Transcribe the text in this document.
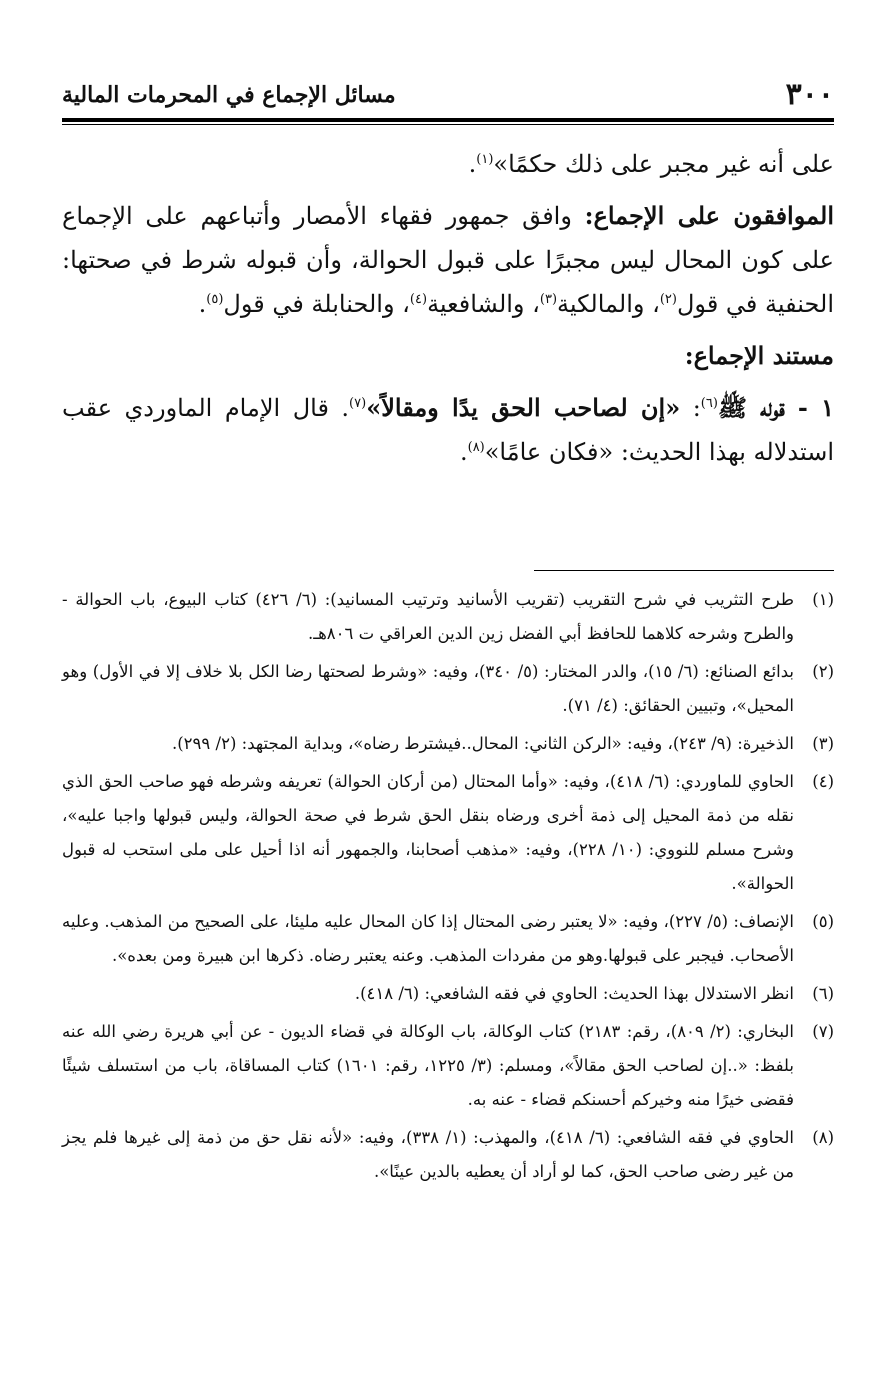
٣٠٠
مسائل الإجماع في المحرمات المالية

على أنه غير مجبر على ذلك حكمًا»$^{(١)}$.

الموافقون على الإجماع: وافق جمهور فقهاء الأمصار وأتباعهم على الإجماع على كون المحال ليس مجبرًا على قبول الحوالة، وأن قبوله شرط في صحتها: الحنفية في قول$^{(٢)}$، والمالكية$^{(٣)}$، والشافعية$^{(٤)}$، والحنابلة في قول$^{(٥)}$.

مستند الإجماع:

١ - قوله ﷺ$^{(٦)}$: «إن لصاحب الحق يدًا ومقالاً»$^{(٧)}$. قال الإمام الماوردي عقب استدلاله بهذا الحديث: «فكان عامًا»$^{(٨)}$.

(١)
طرح التثريب في شرح التقريب (تقريب الأسانيد وترتيب المسانيد): (٦/ ٤٢٦) كتاب البيوع، باب الحوالة - والطرح وشرحه كلاهما للحافظ أبي الفضل زين الدين العراقي ت ٨٠٦هـ.
(٢)
بدائع الصنائع: (٦/ ١٥)، والدر المختار: (٥/ ٣٤٠)، وفيه: «وشرط لصحتها رضا الكل بلا خلاف إلا في الأول) وهو المحيل»، وتبيين الحقائق: (٤/ ٧١).
(٣)
الذخيرة: (٩/ ٢٤٣)، وفيه: «الركن الثاني: المحال..فيشترط رضاه»، وبداية المجتهد: (٢/ ٢٩٩).
(٤)
الحاوي للماوردي: (٦/ ٤١٨)، وفيه: «وأما المحتال (من أركان الحوالة) تعريفه وشرطه فهو صاحب الحق الذي نقله من ذمة المحيل إلى ذمة أخرى ورضاه بنقل الحق شرط في صحة الحوالة، وليس قبولها واجبا عليه»، وشرح مسلم للنووي: (١٠/ ٢٢٨)، وفيه: «مذهب أصحابنا، والجمهور أنه اذا أحيل على ملى استحب له قبول الحوالة».
(٥)
الإنصاف: (٥/ ٢٢٧)، وفيه: «لا يعتبر رضى المحتال إذا كان المحال عليه مليئا، على الصحيح من المذهب. وعليه الأصحاب. فيجبر على قبولها.وهو من مفردات المذهب. وعنه يعتبر رضاه. ذكرها ابن هبيرة ومن بعده».
(٦)
انظر الاستدلال بهذا الحديث: الحاوي في فقه الشافعي: (٦/ ٤١٨).
(٧)
البخاري: (٢/ ٨٠٩)، رقم: ٢١٨٣) كتاب الوكالة، باب الوكالة في قضاء الديون - عن أبي هريرة رضي الله عنه بلفظ: «..إن لصاحب الحق مقالاً»، ومسلم: (٣/ ١٢٢٥، رقم: ١٦٠١) كتاب المساقاة، باب من استسلف شيئًا فقضى خيرًا منه وخيركم أحسنكم قضاء - عنه به.
(٨)
الحاوي في فقه الشافعي: (٦/ ٤١٨)، والمهذب: (١/ ٣٣٨)، وفيه: «لأنه نقل حق من ذمة إلى غيرها فلم يجز من غير رضى صاحب الحق، كما لو أراد أن يعطيه بالدين عينًا».
